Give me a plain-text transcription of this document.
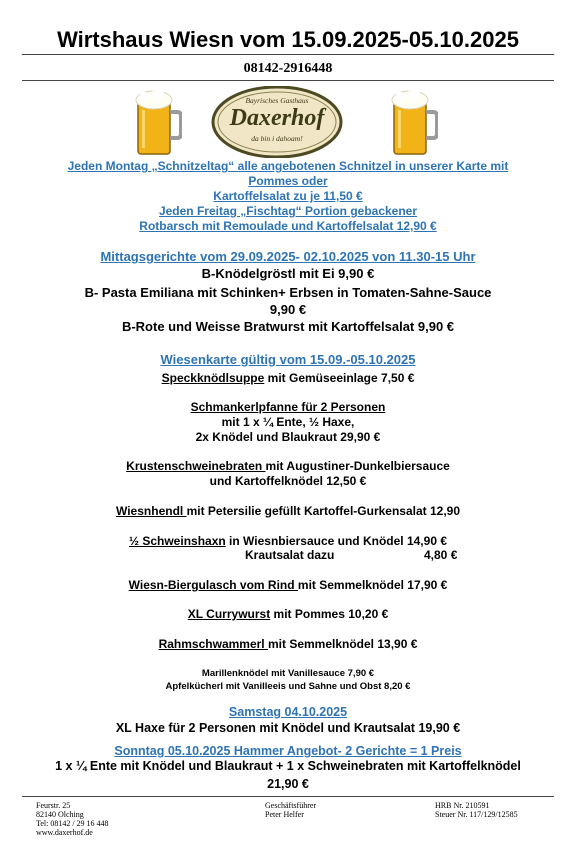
Wirtshaus Wiesn vom 15.09.2025-05.10.2025
08142-2916448
Bayrisches Gasthaus
Daxerhof
da bin i dahoam!
Jeden Montag „Schnitzeltag“ alle angebotenen Schnitzel in unserer Karte mit
Pommes oder
Kartoffelsalat zu je 11,50 €
Jeden Freitag „Fischtag“ Portion gebackener
Rotbarsch mit Remoulade und Kartoffelsalat 12,90 €
Mittagsgerichte vom 29.09.2025- 02.10.2025 von 11.30-15 Uhr
B-Knödelgröstl mit Ei 9,90 €
B- Pasta Emiliana mit Schinken+ Erbsen in Tomaten-Sahne-Sauce
9,90 €
B-Rote und Weisse Bratwurst mit Kartoffelsalat 9,90 €
Wiesenkarte gültig vom 15.09.-05.10.2025
Speckknödlsuppe mit Gemüseeinlage 7,50 €
Schmankerlpfanne für 2 Personen
mit 1 x ¼ Ente, ½ Haxe,
2x Knödel und Blaukraut 29,90 €
Krustenschweinebraten mit Augustiner-Dunkelbiersauce
und Kartoffelknödel 12,50 €
Wiesnhendl mit Petersilie gefüllt Kartoffel-Gurkensalat 12,90
½ Schweinshaxn in Wiesnbiersauce und Knödel 14,90 €
Krautsalat dazu	4,80 €
Wiesn-Biergulasch vom Rind mit Semmelknödel 17,90 €
XL Currywurst mit Pommes 10,20 €
Rahmschwammerl mit Semmelknödel 13,90 €
Marillenknödel mit Vanillesauce 7,90 €
Apfelkücherl mit Vanilleeis und Sahne und Obst 8,20 €
Samstag 04.10.2025
XL Haxe für 2 Personen mit Knödel und Krautsalat 19,90 €
Sonntag 05.10.2025 Hammer Angebot- 2 Gerichte = 1 Preis
1 x ¼ Ente mit Knödel und Blaukraut + 1 x Schweinebraten mit Kartoffelknödel
21,90 €
Feurstr. 25
82140 Olching
Tel: 08142 / 29 16 448
www.daxerhof.de
Geschäftsführer
Peter Helfer
HRB Nr. 210591
Steuer Nr. 117/129/12585
